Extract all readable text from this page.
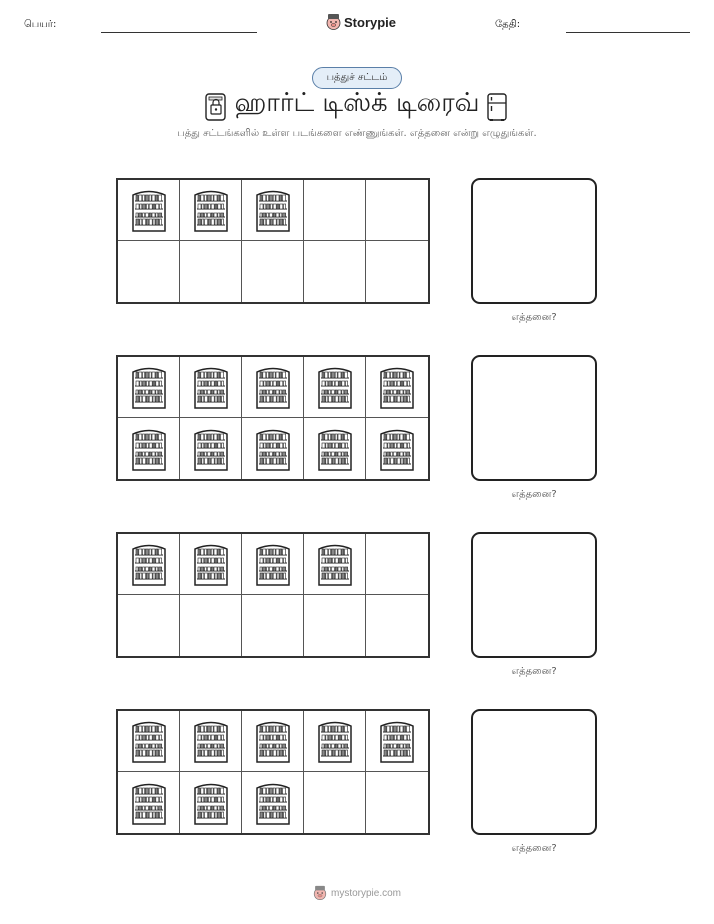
பெயர்:	Storypie	தேதி:
பத்துச் சட்டம்
ஹார்ட் டிஸ்க் டிரைவ்
பத்து சட்டங்களில் உள்ள படங்களை எண்ணுங்கள். எத்தனை என்று எழுதுங்கள்.
எத்தனை?
எத்தனை?
எத்தனை?
எத்தனை?
mystorypie.com
